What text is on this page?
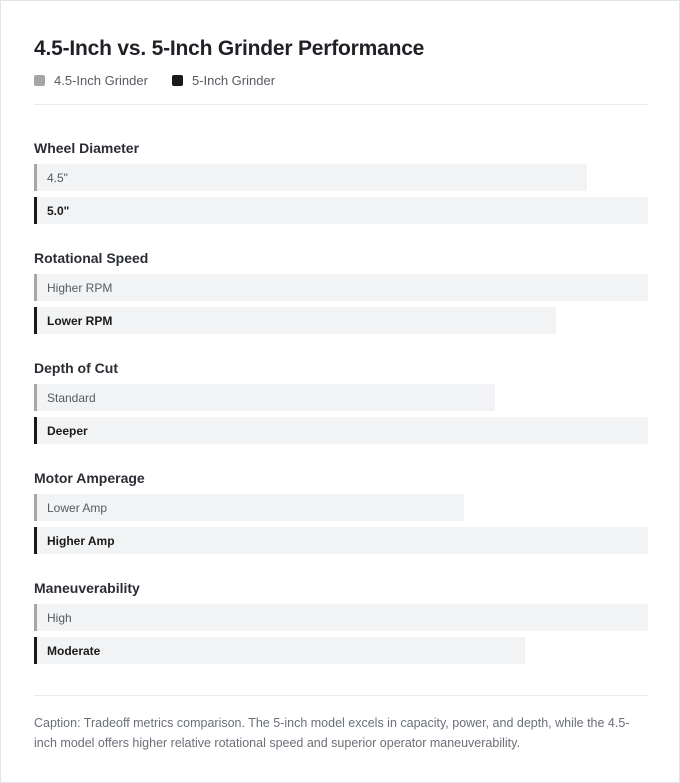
4.5-Inch vs. 5-Inch Grinder Performance
4.5-Inch Grinder	5-Inch Grinder
Wheel Diameter
4.5"
5.0"
Rotational Speed
Higher RPM
Lower RPM
Depth of Cut
Standard
Deeper
Motor Amperage
Lower Amp
Higher Amp
Maneuverability
High
Moderate
Caption: Tradeoff metrics comparison. The 5-inch model excels in capacity, power, and depth, while the 4.5-inch model offers higher relative rotational speed and superior operator maneuverability.
